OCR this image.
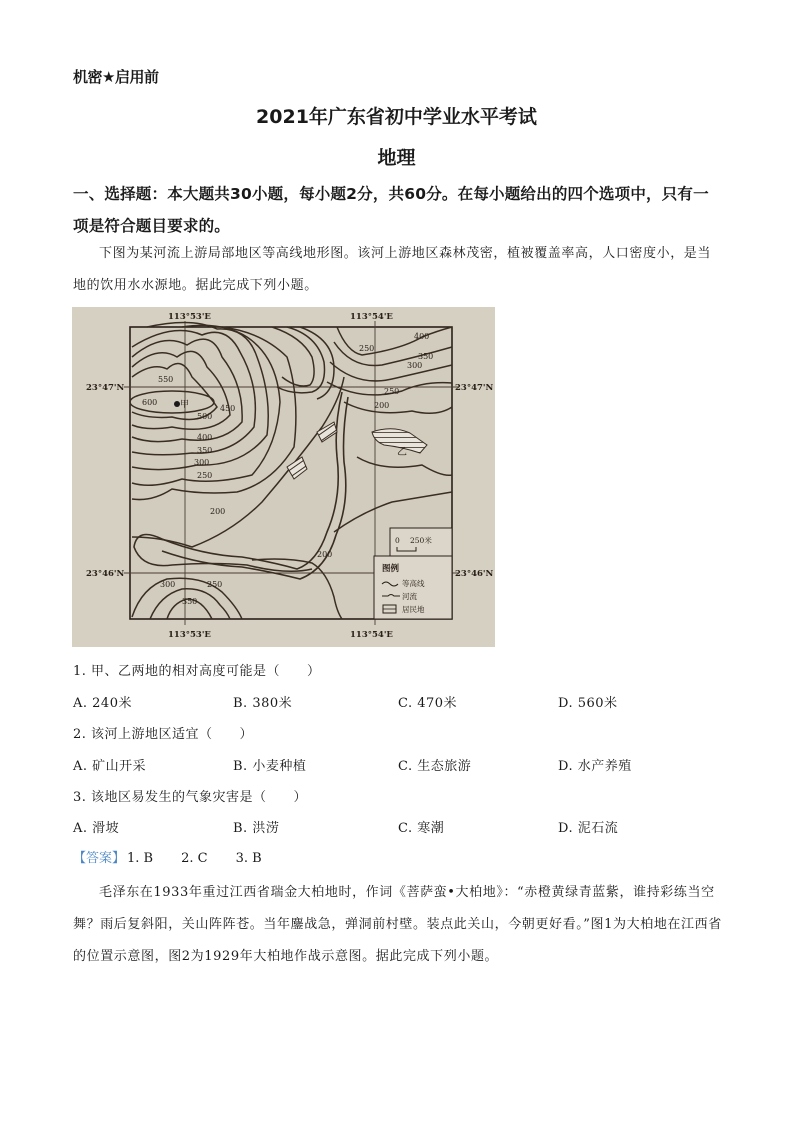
机密★启用前
2021年广东省初中学业水平考试
地理
一、选择题：本大题共30小题，每小题2分，共60分。在每小题给出的四个选项中，只有一项是符合题目要求的。
下图为某河流上游局部地区等高线地形图。该河上游地区森林茂密，植被覆盖率高，人口密度小，是当地的饮用水水源地。据此完成下列小题。
113°53'E	113°54'E
113°53'E	113°54'E
23°47'N	23°47'N
23°46'N	23°46'N
600
550
500
450
400
350
300
250
200
250
300
350
400
250
200
200
300
350
250
甲
乙
0 250米
图例
等高线
河流
居民地
1. 甲、乙两地的相对高度可能是（　　）
A. 240米	B. 380米	C. 470米	D. 560米
2. 该河上游地区适宜（　　）
A. 矿山开采	B. 小麦种植	C. 生态旅游	D. 水产养殖
3. 该地区易发生的气象灾害是（　　）
A. 滑坡	B. 洪涝	C. 寒潮	D. 泥石流
【答案】 1. B 2. C 3. B
毛泽东在1933年重过江西省瑞金大柏地时，作词《菩萨蛮•大柏地》：“赤橙黄绿青蓝紫，谁持彩练当空舞？雨后复斜阳，关山阵阵苍。当年鏖战急，弹洞前村壁。装点此关山，今朝更好看。”图1为大柏地在江西省的位置示意图，图2为1929年大柏地作战示意图。据此完成下列小题。
